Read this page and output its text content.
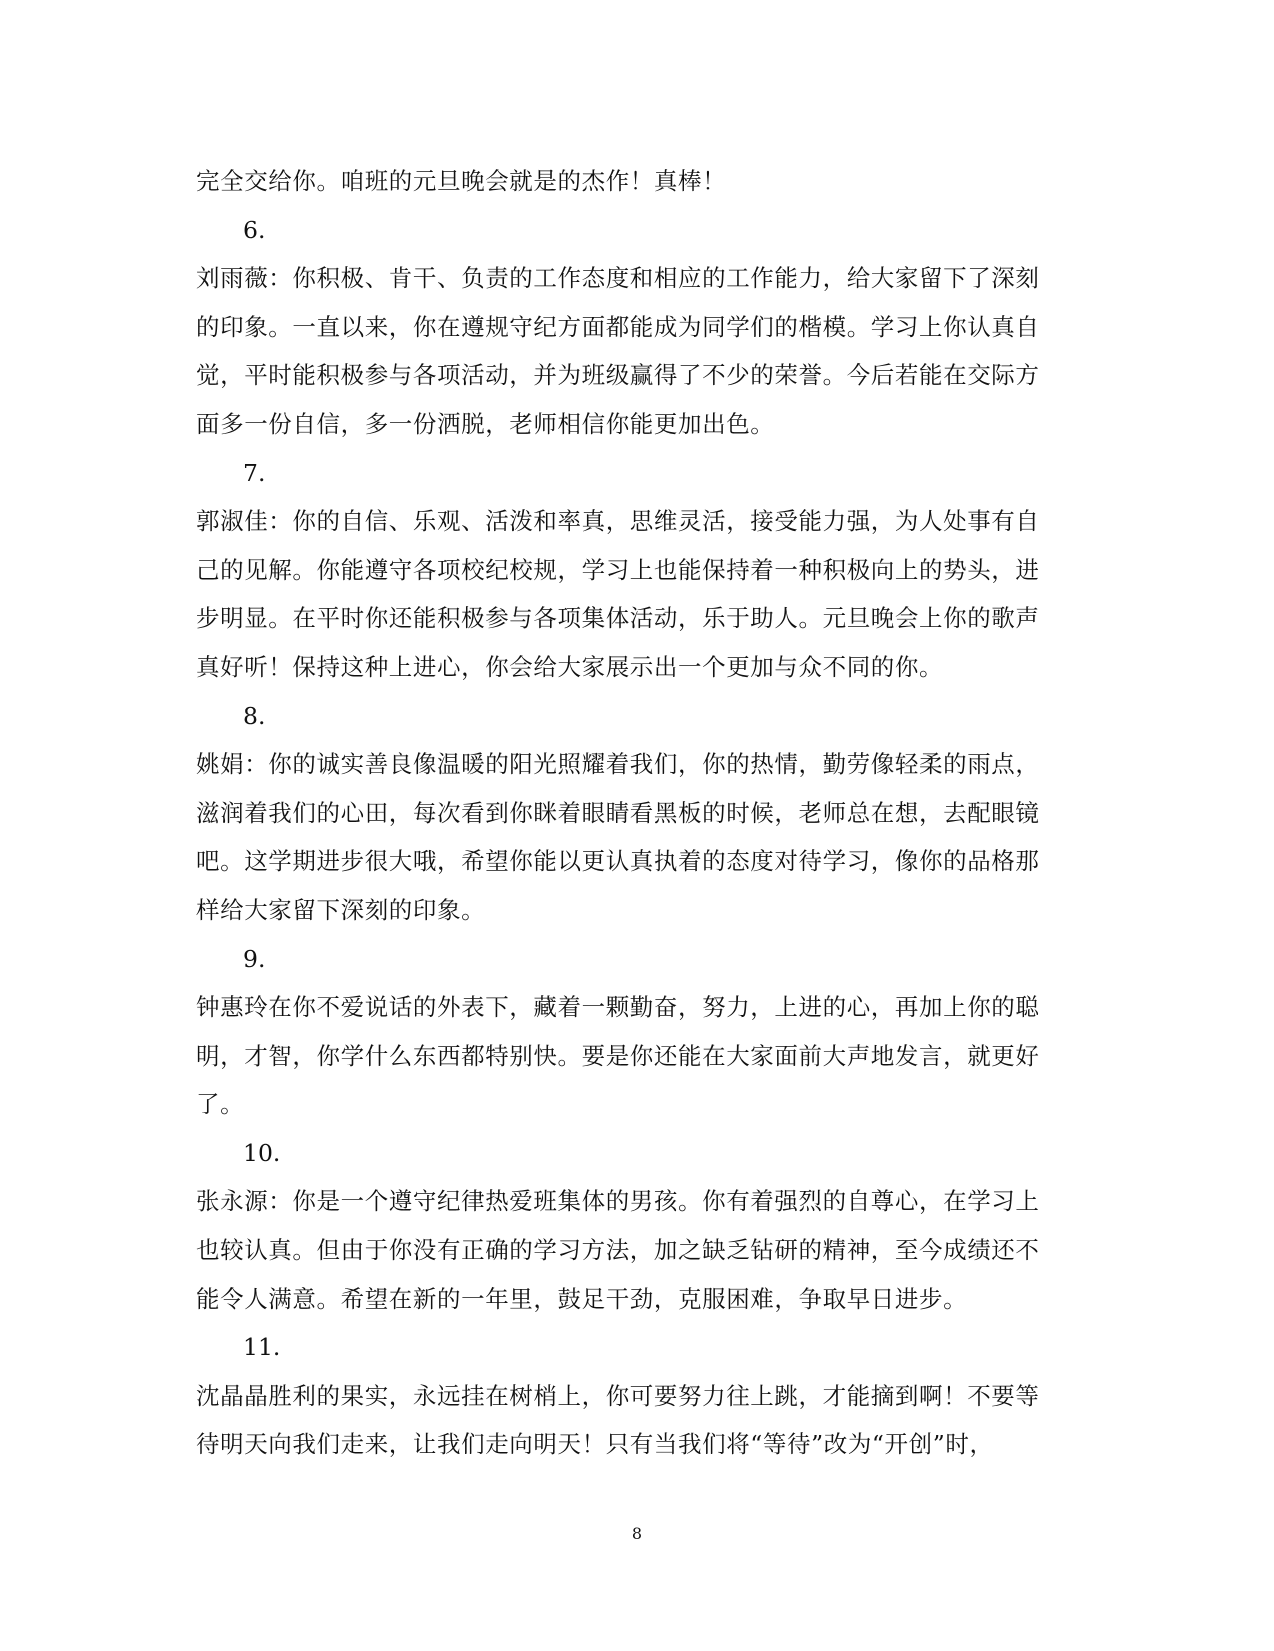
完全交给你。咱班的元旦晚会就是的杰作！真棒！
6.
刘雨薇：你积极、肯干、负责的工作态度和相应的工作能力，给大家留下了深刻
的印象。一直以来，你在遵规守纪方面都能成为同学们的楷模。学习上你认真自
觉，平时能积极参与各项活动，并为班级赢得了不少的荣誉。今后若能在交际方
面多一份自信，多一份洒脱，老师相信你能更加出色。
7.
郭淑佳：你的自信、乐观、活泼和率真，思维灵活，接受能力强，为人处事有自
己的见解。你能遵守各项校纪校规，学习上也能保持着一种积极向上的势头，进
步明显。在平时你还能积极参与各项集体活动，乐于助人。元旦晚会上你的歌声
真好听！保持这种上进心，你会给大家展示出一个更加与众不同的你。
8.
姚娟：你的诚实善良像温暖的阳光照耀着我们，你的热情，勤劳像轻柔的雨点，
滋润着我们的心田，每次看到你眯着眼睛看黑板的时候，老师总在想，去配眼镜
吧。这学期进步很大哦，希望你能以更认真执着的态度对待学习，像你的品格那
样给大家留下深刻的印象。
9.
钟惠玲在你不爱说话的外表下，藏着一颗勤奋，努力，上进的心，再加上你的聪
明，才智，你学什么东西都特别快。要是你还能在大家面前大声地发言，就更好
了。
10.
张永源：你是一个遵守纪律热爱班集体的男孩。你有着强烈的自尊心，在学习上
也较认真。但由于你没有正确的学习方法，加之缺乏钻研的精神，至今成绩还不
能令人满意。希望在新的一年里，鼓足干劲，克服困难，争取早日进步。
11.
沈晶晶胜利的果实，永远挂在树梢上，你可要努力往上跳，才能摘到啊！不要等
待明天向我们走来，让我们走向明天！只有当我们将“等待”改为“开创”时，
8
